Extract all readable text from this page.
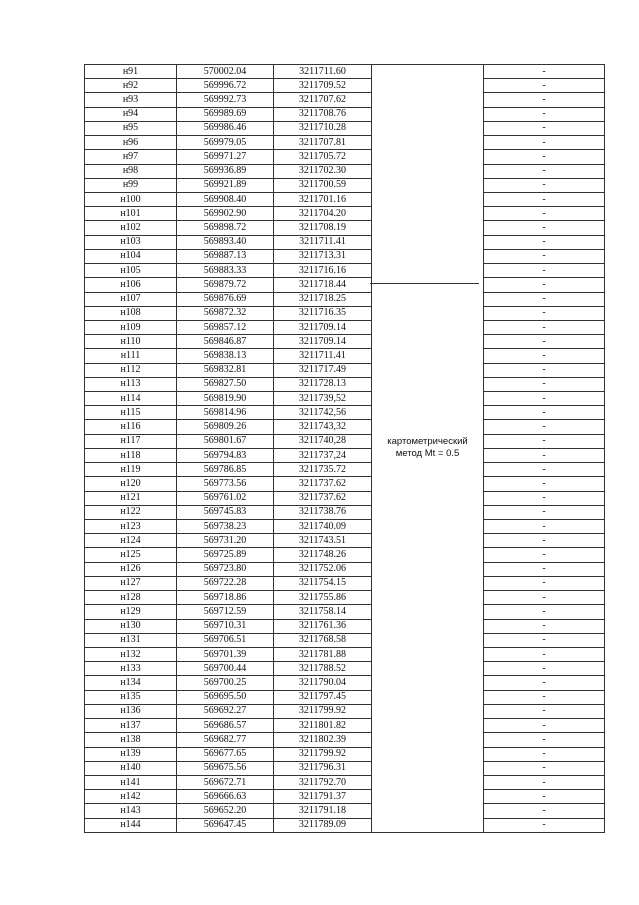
н91	570002.04	3211711.60	картометрический
метод Mt = 0.5	-
н92	569996.72	3211709.52		-
н93	569992.73	3211707.62		-
н94	569989.69	3211708.76		-
н95	569986.46	3211710.28		-
н96	569979.05	3211707.81		-
н97	569971.27	3211705.72		-
н98	569936.89	3211702.30		-
н99	569921.89	3211700.59		-
н100	569908.40	3211701.16		-
н101	569902.90	3211704.20		-
н102	569898.72	3211708.19		-
н103	569893.40	3211711.41		-
н104	569887.13	3211713.31		-
н105	569883.33	3211716.16		-
н106	569879.72	3211718.44		-
н107	569876.69	3211718.25		-
н108	569872.32	3211716.35		-
н109	569857.12	3211709.14		-
н110	569846.87	3211709.14		-
н111	569838.13	3211711.41		-
н112	569832.81	3211717.49		-
н113	569827.50	3211728.13		-
н114	569819.90	3211739,52		-
н115	569814.96	3211742,56		-
н116	569809.26	3211743,32		-
н117	569801.67	3211740,28		-
н118	569794.83	3211737,24		-
н119	569786.85	3211735.72		-
н120	569773.56	3211737.62		-
н121	569761.02	3211737.62		-
н122	569745.83	3211738.76		-
н123	569738.23	3211740.09		-
н124	569731.20	3211743.51		-
н125	569725.89	3211748.26		-
н126	569723.80	3211752.06		-
н127	569722.28	3211754.15		-
н128	569718.86	3211755.86		-
н129	569712.59	3211758.14		-
н130	569710.31	3211761.36		-
н131	569706.51	3211768.58		-
н132	569701.39	3211781.88		-
н133	569700.44	3211788.52		-
н134	569700.25	3211790.04		-
н135	569695.50	3211797.45		-
н136	569692.27	3211799.92		-
н137	569686.57	3211801.82		-
н138	569682.77	3211802.39		-
н139	569677.65	3211799.92		-
н140	569675.56	3211796.31		-
н141	569672.71	3211792.70		-
н142	569666.63	3211791.37		-
н143	569652.20	3211791.18		-
н144	569647.45	3211789.09		-
